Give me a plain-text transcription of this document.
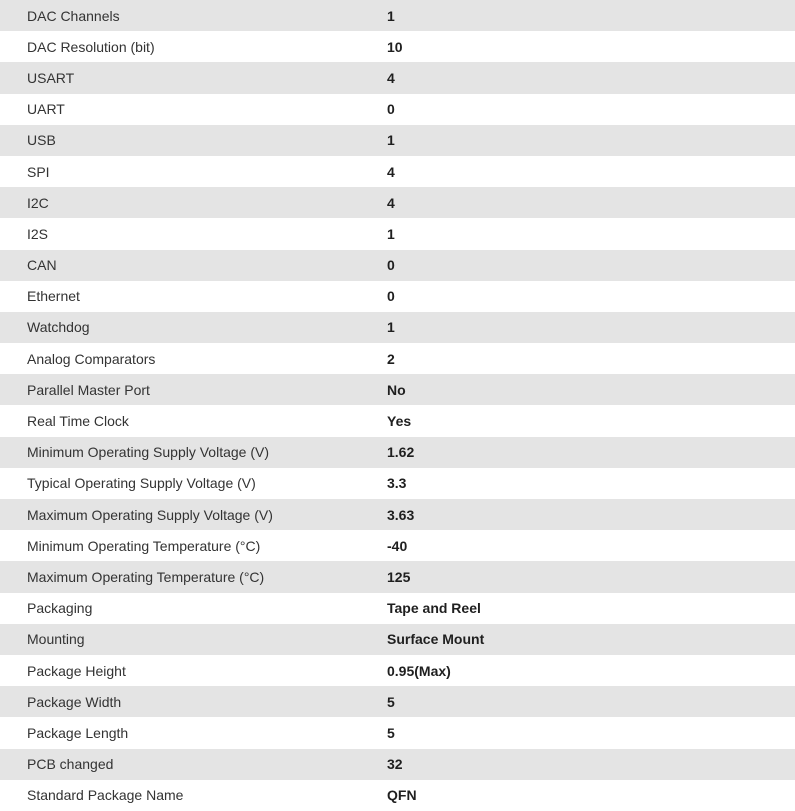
DAC Channels	1
DAC Resolution (bit)	10
USART	4
UART	0
USB	1
SPI	4
I2C	4
I2S	1
CAN	0
Ethernet	0
Watchdog	1
Analog Comparators	2
Parallel Master Port	No
Real Time Clock	Yes
Minimum Operating Supply Voltage (V)	1.62
Typical Operating Supply Voltage (V)	3.3
Maximum Operating Supply Voltage (V)	3.63
Minimum Operating Temperature (°C)	-40
Maximum Operating Temperature (°C)	125
Packaging	Tape and Reel
Mounting	Surface Mount
Package Height	0.95(Max)
Package Width	5
Package Length	5
PCB changed	32
Standard Package Name	QFN
